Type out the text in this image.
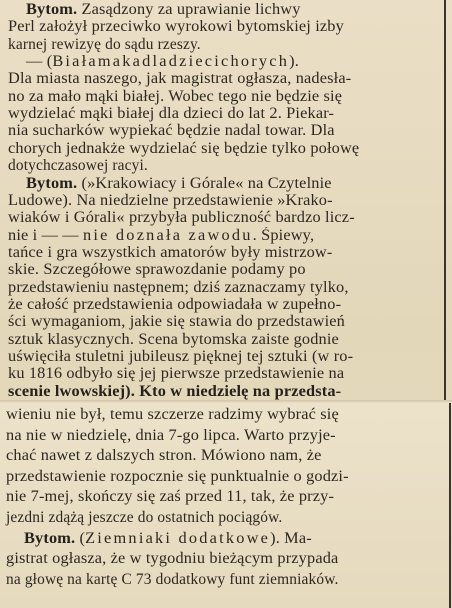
Bytom. Zasądzony za uprawianie lichwy
Perl założył przeciwko wyrokowi bytomskiej izby
karnej rewizyę do sądu rzeszy.
— (Białamakadladziecichorych).
Dla miasta naszego, jak magistrat ogłasza, nadesła-
no za mało mąki białej. Wobec tego nie będzie się
wydzielać mąki białej dla dzieci do lat 2. Piekar-
nia sucharków wypiekać będzie nadal towar. Dla
chorych jednakże wydzielać się będzie tylko połowę
dotychczasowej racyi.
Bytom. (»Krakowiacy i Górale« na Czytelnie
Ludowe). Na niedzielne przedstawienie »Krako-
wiaków i Górali« przybyła publiczność bardzo licz-
nie i — — nie doznała zawodu. Śpiewy,
tańce i gra wszystkich amatorów były mistrzow-
skie. Szczegółowe sprawozdanie podamy po
przedstawieniu następnem; dziś zaznaczamy tylko,
że całość przedstawienia odpowiadała w zupełno-
ści wymaganiom, jakie się stawia do przedstawień
sztuk klasycznych. Scena bytomska zaiste godnie
uświęciła stuletni jubileusz pięknej tej sztuki (w ro-
ku 1816 odbyło się jej pierwsze przedstawienie na
scenie lwowskiej). Kto w niedzielę na przedsta-
wieniu nie był, temu szczerze radzimy wybrać się
na nie w niedzielę, dnia 7-go lipca. Warto przyje-
chać nawet z dalszych stron. Mówiono nam, że
przedstawienie rozpocznie się punktualnie o godzi-
nie 7-mej, skończy się zaś przed 11, tak, że przy-
jezdni zdążą jeszcze do ostatnich pociągów.
Bytom. (Ziemniaki dodatkowe). Ma-
gistrat ogłasza, że w tygodniu bieżącym przypada
na głowę na kartę C 73 dodatkowy funt ziemniaków.
